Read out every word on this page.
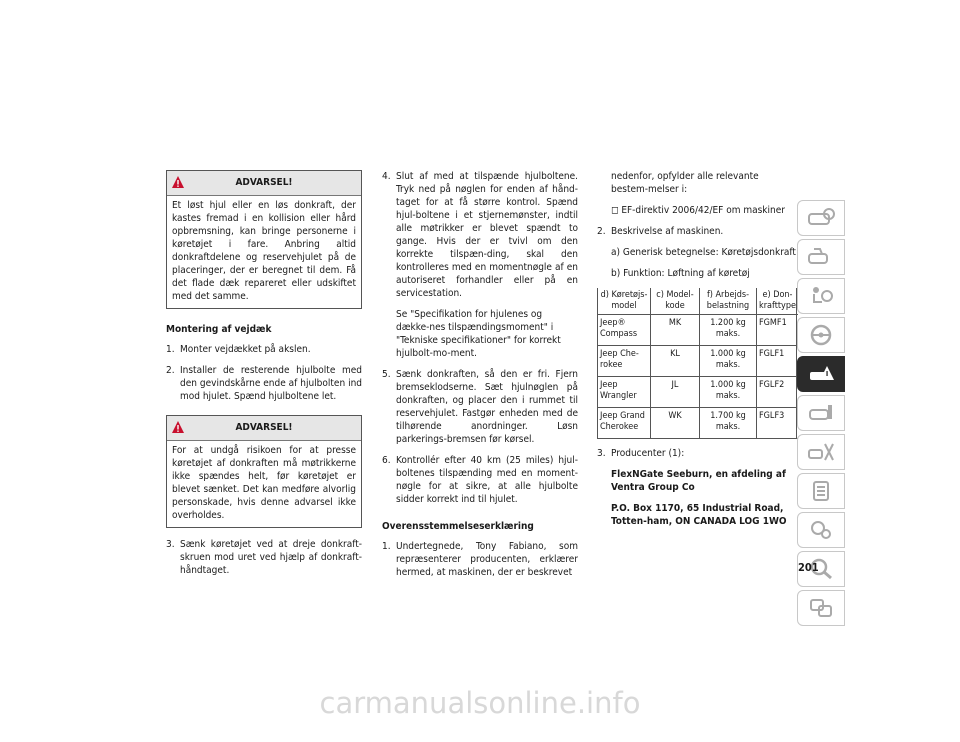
ADVARSEL!
Et løst hjul eller en løs donkraft, der kastes fremad i en kollision eller hård opbremsning, kan bringe personerne i køretøjet i fare. Anbring altid donkraftdelene og reservehjulet på de placeringer, der er beregnet til dem. Få det flade dæk repareret eller udskiftet med det samme.
Montering af vejdæk
1. Monter vejdækket på akslen.
2. Installer de resterende hjulbolte med den gevindskårne ende af hjulbolten ind mod hjulet. Spænd hjulboltene let.
ADVARSEL!
For at undgå risikoen for at presse køretøjet af donkraften må møtrikkerne ikke spændes helt, før køretøjet er blevet sænket. Det kan medføre alvorlig personskade, hvis denne advarsel ikke overholdes.
3. Sænk køretøjet ved at dreje donkraft-skruen mod uret ved hjælp af donkraft-håndtaget.
4. Slut af med at tilspænde hjulboltene. Tryk ned på nøglen for enden af hånd-taget for at få større kontrol. Spænd hjul-boltene i et stjernemønster, indtil alle møtrikker er blevet spændt to gange. Hvis der er tvivl om den korrekte tilspæn-ding, skal den kontrolleres med en momentnøgle af en autoriseret forhandler eller på en servicestation.
Se "Specifikation for hjulenes og dække-nes tilspændingsmoment" i "Tekniske specifikationer" for korrekt hjulbolt-mo-ment.
5. Sænk donkraften, så den er fri. Fjern bremseklodserne. Sæt hjulnøglen på donkraften, og placer den i rummet til reservehjulet. Fastgør enheden med de tilhørende anordninger. Løsn parkerings-bremsen før kørsel.
6. Kontrollér efter 40 km (25 miles) hjul-boltenes tilspænding med en moment-nøgle for at sikre, at alle hjulbolte sidder korrekt ind til hjulet.
Overensstemmelseserklæring
1. Undertegnede, Tony Fabiano, som repræsenterer producenten, erklærer hermed, at maskinen, der er beskrevet
nedenfor, opfylder alle relevante bestem-melser i:
◻ EF-direktiv 2006/42/EF om maskiner
2. Beskrivelse af maskinen.
a) Generisk betegnelse: Køretøjsdonkraft
b) Funktion: Løftning af køretøj
d) Køretøjs-model	c) Model-kode	f) Arbejds-belastning	e) Don-krafttype
Jeep® Compass	MK	1.200 kg maks.	FGMF1
Jeep Che-rokee	KL	1.000 kg maks.	FGLF1
Jeep Wrangler	JL	1.000 kg maks.	FGLF2
Jeep Grand Cherokee	WK	1.700 kg maks.	FGLF3
3. Producenter (1):
FlexNGate Seeburn, en afdeling af Ventra Group Co
P.O. Box 1170, 65 Industrial Road, Totten-ham, ON CANADA LOG 1WO
201
carmanualsonline.info
